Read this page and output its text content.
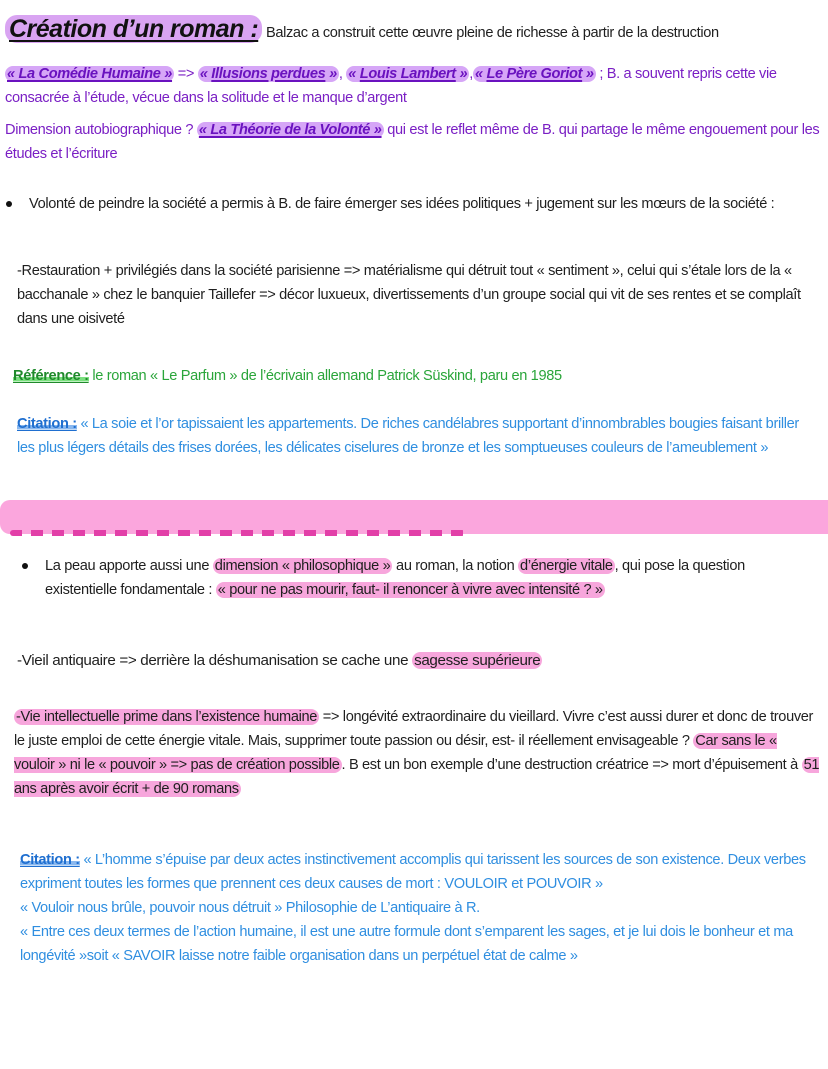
Création d’un roman : Balzac a construit cette œuvre pleine de richesse à partir de la destruction
« La Comédie Humaine » => « Illusions perdues » , « Louis Lambert » , « Le Père Goriot » ; B. a souvent repris cette vie consacrée à l’étude, vécue dans la solitude et le manque d’argent
Dimension autobiographique ? « La Théorie de la Volonté » qui est le reflet même de B. qui partage le même engouement pour les études et l’écriture
Volonté de peindre la société a permis à B. de faire émerger ses idées politiques + jugement sur les mœurs de la société :
-Restauration + privilégiés dans la société parisienne => matérialisme qui détruit tout « sentiment », celui qui s’étale lors de la « bacchanale » chez le banquier Taillefer => décor luxueux, divertissements d’un groupe social qui vit de ses rentes et se complaît dans une oisiveté
Référence : le roman « Le Parfum » de l’écrivain allemand Patrick Süskind, paru en 1985
Citation : « La soie et l’or tapissaient les appartements. De riches candélabres supportant d’innombrables bougies faisant briller les plus légers détails des frises dorées, les délicates ciselures de bronze et les somptueuses couleurs de l’ameublement »
La peau apporte aussi une dimension « philosophique » au roman, la notion d’énergie vitale , qui pose la question existentielle fondamentale : « pour ne pas mourir, faut- il renoncer à vivre avec intensité ? »
-Vieil antiquaire => derrière la déshumanisation se cache une sagesse supérieure
-Vie intellectuelle prime dans l’existence humaine => longévité extraordinaire du vieillard. Vivre c’est aussi durer et donc de trouver le juste emploi de cette énergie vitale. Mais, supprimer toute passion ou désir, est- il réellement envisageable ? Car sans le « vouloir » ni le « pouvoir » => pas de création possible . B est un bon exemple d’une destruction créatrice => mort d’épuisement à 51 ans après avoir écrit + de 90 romans
Citation : « L’homme s’épuise par deux actes instinctivement accomplis qui tarissent les sources de son existence. Deux verbes expriment toutes les formes que prennent ces deux causes de mort : VOULOIR et POUVOIR »
« Vouloir nous brûle, pouvoir nous détruit » Philosophie de L’antiquaire à R.
« Entre ces deux termes de l’action humaine, il est une autre formule dont s’emparent les sages, et je lui dois le bonheur et ma longévité »soit « SAVOIR laisse notre faible organisation dans un perpétuel état de calme »
